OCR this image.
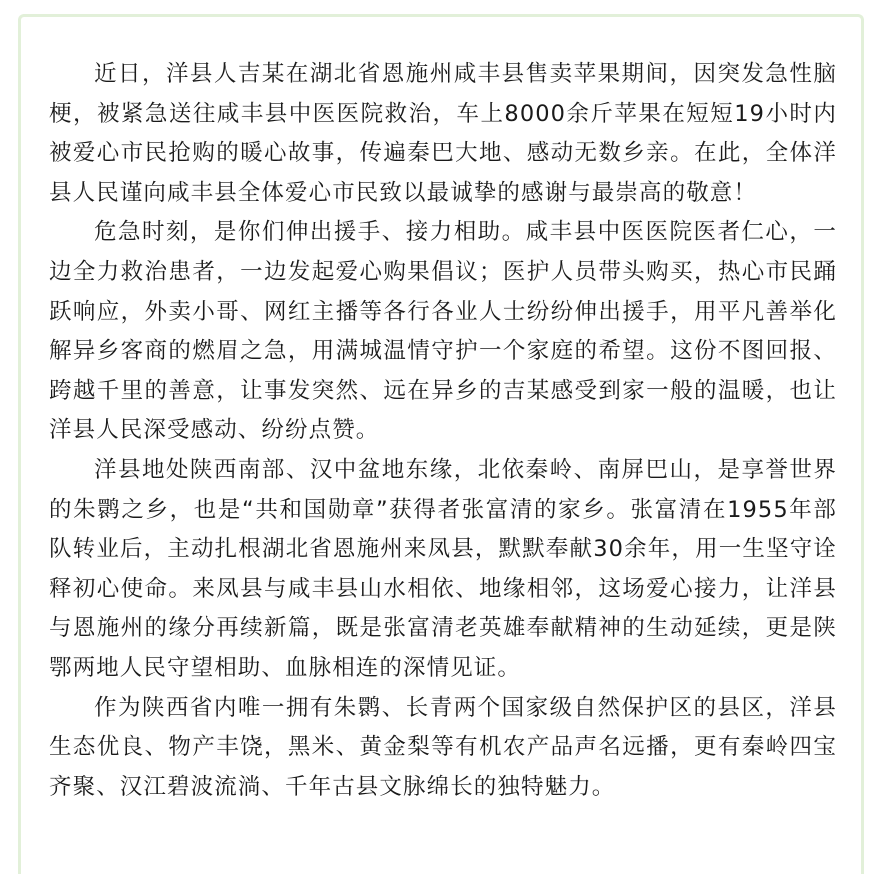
近日，洋县人吉某在湖北省恩施州咸丰县售卖苹果期间，因突发急性脑梗，被紧急送往咸丰县中医医院救治，车上8000余斤苹果在短短19小时内被爱心市民抢购的暖心故事，传遍秦巴大地、感动无数乡亲。在此，全体洋县人民谨向咸丰县全体爱心市民致以最诚挚的感谢与最崇高的敬意！

危急时刻，是你们伸出援手、接力相助。咸丰县中医医院医者仁心，一边全力救治患者，一边发起爱心购果倡议；医护人员带头购买，热心市民踊跃响应，外卖小哥、网红主播等各行各业人士纷纷伸出援手，用平凡善举化解异乡客商的燃眉之急，用满城温情守护一个家庭的希望。这份不图回报、跨越千里的善意，让事发突然、远在异乡的吉某感受到家一般的温暖，也让洋县人民深受感动、纷纷点赞。

洋县地处陕西南部、汉中盆地东缘，北依秦岭、南屏巴山，是享誉世界的朱鹮之乡，也是“共和国勋章”获得者张富清的家乡。张富清在1955年部队转业后，主动扎根湖北省恩施州来凤县，默默奉献30余年，用一生坚守诠释初心使命。来凤县与咸丰县山水相依、地缘相邻，这场爱心接力，让洋县与恩施州的缘分再续新篇，既是张富清老英雄奉献精神的生动延续，更是陕鄂两地人民守望相助、血脉相连的深情见证。

作为陕西省内唯一拥有朱鹮、长青两个国家级自然保护区的县区，洋县生态优良、物产丰饶，黑米、黄金梨等有机农产品声名远播，更有秦岭四宝齐聚、汉江碧波流淌、千年古县文脉绵长的独特魅力。
